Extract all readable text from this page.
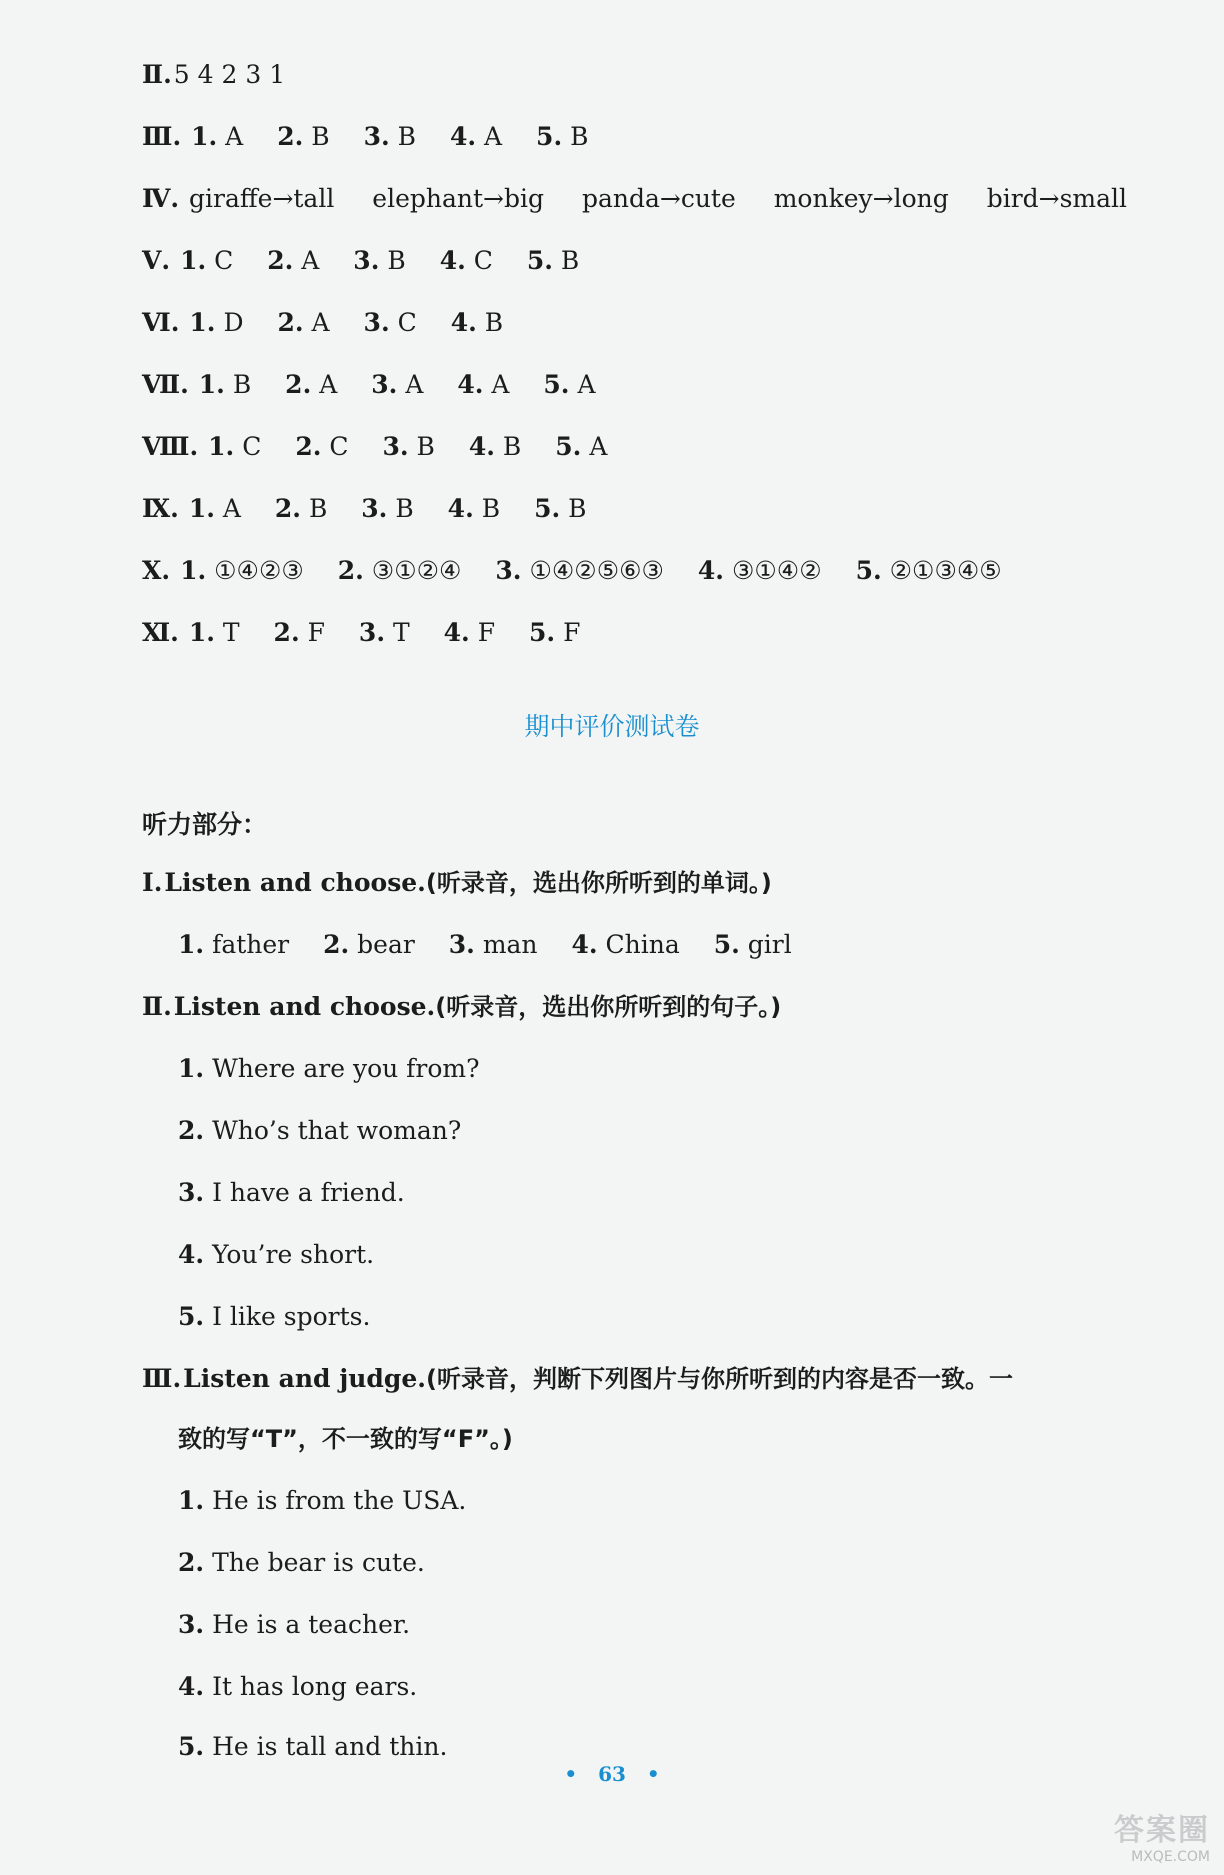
Ⅱ.5 4 2 3 1
Ⅲ. 1. A 2. B 3. B 4. A 5. B
Ⅳ. giraffe→tall elephant→big panda→cute monkey→long bird→small
Ⅴ. 1. C 2. A 3. B 4. C 5. B
Ⅵ. 1. D 2. A 3. C 4. B
Ⅶ. 1. B 2. A 3. A 4. A 5. A
Ⅷ. 1. C 2. C 3. B 4. B 5. A
Ⅸ. 1. A 2. B 3. B 4. B 5. B
Ⅹ. 1. ①④②③ 2. ③①②④ 3. ①④②⑤⑥③ 4. ③①④② 5. ②①③④⑤
Ⅺ. 1. T 2. F 3. T 4. F 5. F
期中评价测试卷
听力部分：
Ⅰ.Listen and choose.(听录音，选出你所听到的单词。)
1. father 2. bear 3. man 4. China 5. girl
Ⅱ.Listen and choose.(听录音，选出你所听到的句子。)
1. Where are you from?
2. Who’s that woman?
3. I have a friend.
4. You’re short.
5. I like sports.
Ⅲ.Listen and judge.(听录音，判断下列图片与你所听到的内容是否一致。一
致的写“T”，不一致的写“F”。)
1. He is from the USA.
2. The bear is cute.
3. He is a teacher.
4. It has long ears.
5. He is tall and thin.
• 63 •
答案圈
MXQE.COM
